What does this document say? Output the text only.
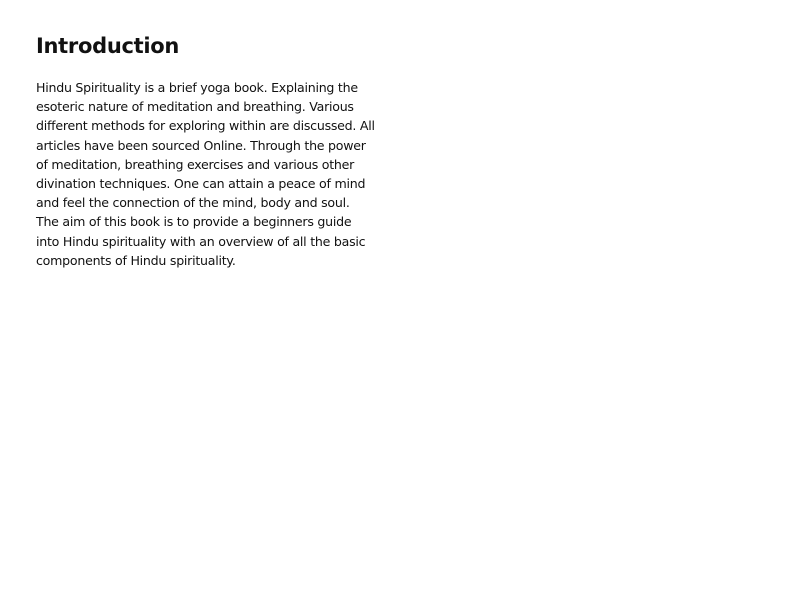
Introduction

Hindu Spirituality is a brief yoga book. Explaining the
esoteric nature of meditation and breathing. Various
different methods for exploring within are discussed. All
articles have been sourced Online. Through the power
of meditation, breathing exercises and various other
divination techniques. One can attain a peace of mind
and feel the connection of the mind, body and soul.
The aim of this book is to provide a beginners guide
into Hindu spirituality with an overview of all the basic
components of Hindu spirituality.
